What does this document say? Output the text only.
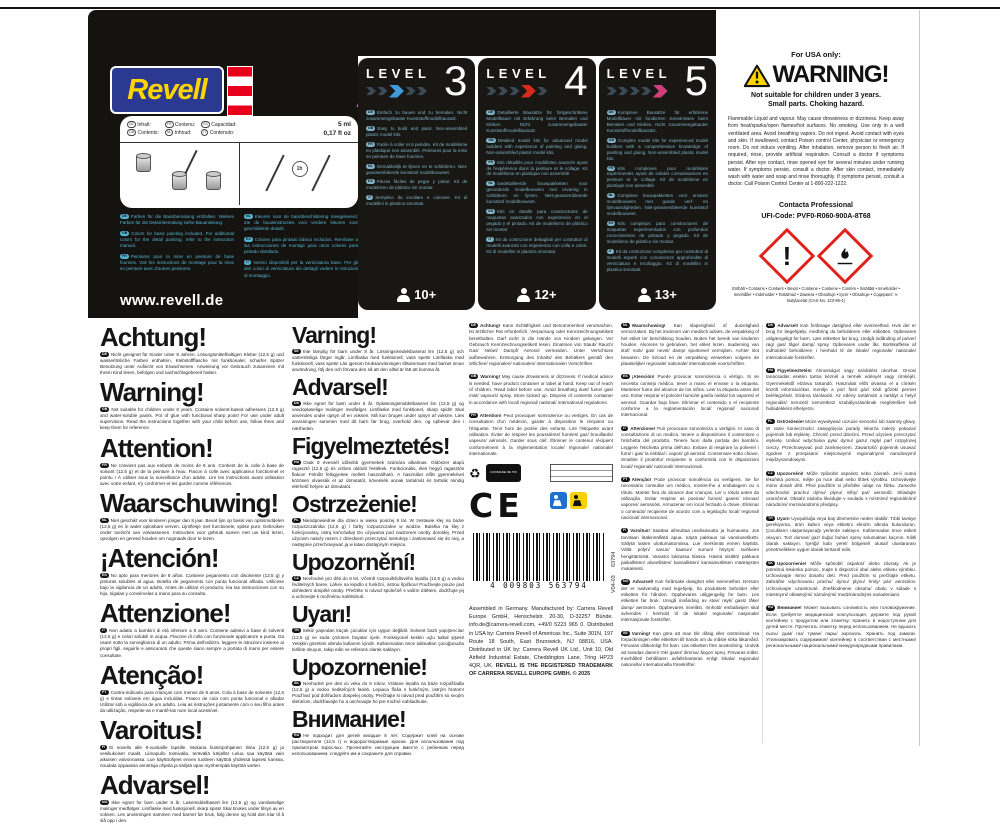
Revell
DE Inhalt:
GB Contents:
FR Contenu:
NL Inhoud:
ES Capacidad:
IT Contenuto:
5 ml
0,17 fl oz
1h

DE Farben für die Basisbemalung enthalten. Weitere Farben für die Detail-Bemalung siehe Bauanleitung.

GB Colors for basic painting included. For additional colors for the detail painting, refer to the instruction manual.

FR Peintures pour la mise en peinture de base fournies. Voir les instructions de montage pour la mise en peinture avec d'autres peintures.

NL Kleuren voor de basisbeschildering meegeleverd. Zie de bouwinstructies voor verdere kleuren voor geschilderde details.

ES Colores para pintado básico incluidos. Remítase a las instrucciones de montaje para otros colores para pintado detallado.

IT Vernici disponibili per la verniciatura base. Per gli altri colori di verniciatura dei dettagli vedere le istruzioni di montaggio.

www.revell.de
LEVEL 3

DE Einfach zu bauen und zu bemalen. Nicht zusammengebauter Kunststoffmodellbausatz.

GB Easy to build and paint. Non-assembled plastic model kits.

FR Facile à coller et à peindre. Kit de modélisme en plastique non assemblé. Peintures pour la mise en peinture de base fournies.

NL Gemakkelijk te lijmen en te schilderen. Niet-geassembleerde kunststof modelbouwset.

ES Piezas fáciles de pegar y pintar. Kit de modelismo de plástico sin montar.

IT Semplice da incollare e colorare. Kit di modellini in plastica smontati.

10+
LEVEL 4

DE Detaillierte Bausätze für fortgeschrittene Modellbauer mit Erfahrung beim Bemalen und Kleben. Nicht zusammengebauter Kunststoffmodellbausatz.

GB Detailed model kits for advanced model builders with experience of painting and gluing. Non-assembled plastic model kits.

FR Kits détaillés pour modélistes avancés ayant de l'expérience dans la peinture et le collage. Kit de modélisme en plastique non assemblé.

NL Gedetailleerde bouwpakketten voor gevorderde modelbouwers met ervaring in schilderen en lijmen. Niet-geassembleerde kunststof modelbouwset.

ES Kits en detalle para constructores de maquetas avanzados con experiencia en el pegado y el pintado. Kit de modelismo de plástico sin montar.

IT Kit da costruzione dettagliati per costruttori di modelli avanzati con esperienza con colla e colori. Kit di modellini in plastica smontati.

12+
LEVEL 5

DE Komplexe Bausätze für erfahrene Modellbauer mit fundierten Kenntnissen beim Bemalen und Kleben. Nicht zusammengebauter Kunststoffmodellbausatz.

GB Complex model kits for experienced model builders with a comprehensive knowledge of painting and gluing. Non-assembled plastic model kits.

FR Kits complexes pour modélistes expérimentés ayant de solides connaissances en peinture et le collage. Kit de modélisme en plastique non assemblé.

NL Complexe bouwpakketten voor ervaren modelbouwers met goede verf- en lijmvaardigheden. Niet-geassembleerde kunststof modelbouwset.

ES Kits complejos para constructores de maquetas experimentados con profundos conocimientos de pintado y pegado. Kit de modelismo de plástico sin montar.

IT Kit da costruzione complesso per costruttori di modelli esperti con conoscenze approfondite di verniciatura e incollaggio. Kit di modellini in plastica smontati.

13+
For USA only:
WARNING!
Not suitable for children under 3 years.
Small parts. Choking hazard.
Flammable Liquid and vapour. May cause drowsiness or dizziness. Keep away from heat/sparks/open flames/hot surfaces. No smoking. Use only in a well ventilated area. Avoid breathing vapors. Do not ingest. Avoid contact with eyes and skin. If swallowed, contact Poison control Center, physician or emergency room. Do not induce vomiting. After inhalation, remove person to fresh air. If required, rinse, provide artificial respiration. Consult a doctor if symptoms persist. After eye contact, rinse opened eye for several minutes under running water. If symptoms persist, consult a doctor. After skin contact, immediately wash with water and soap and rinse thoroughly. If symptoms persist, consult a doctor. Call Poison Control Center at 1-800-222-1222.
Contacta Professional
UFI-Code: PVF0-R060-900A-8T68
!
Enthält • Contains • Contient • Bevat • Contiene • Contiene • Contém • Sisältää • Inneholder • Innehåller • Indeholder • Tartalmaz • Zawiera • Obsahuje • İçerir • Obsahuje • Содержит: n-Butylacetat (CAS-No. 123-86-4)
Achtung!

DE Nicht geeignet für Kinder unter 8 Jahren. Lösungsmittelhaltigen Kleber (12,5 g) und wasserlösliche Farben enthalten. Klebstoffflasche mit funktionaler, scharfer Spitze! Benutzung unter Aufsicht von Erwachsenen. Anweisung vor Gebrauch zusammen mit Ihrem Kind lesen, befolgen und nachschlagebereit halten.

Warning!

GB Not suitable for children under 8 years. Contains solvent-based adhesives (12,5 g) and water-soluble paints. Pot of glue with functional sharp point! For use under adult supervision. Read the instructions together with your child before use, follow them and keep them for reference.

Attention!

FR Ne convient pas aux enfants de moins de 8 ans. Contient de la colle à base de solvant (12,5 g) et de la peinture à l'eau. Flacon à colle avec applicateur fonctionnel et pointu ! À utiliser sous la surveillance d'un adulte. Lire les instructions avant utilisation avec votre enfant, s'y conformer et les garder comme références.

Waarschuwing!

NL Niet geschikt voor kinderen jonger dan 8 jaar. Bevat lijm op basis van oplosmiddelen (12,5 g) en in water oplosbare verven. Lijmflesje met functionele, spitse punt. Gebruiken onder toezicht van volwassenen. Instructies voor gebruik samen met uw kind lezen, opvolgen en gereed houden om nogmaals door te lezen.

¡Atención!

ES No apto para menores de 8 años. Contiene pegamento con disolvente (12,5 g) y pinturas solubles al agua. Botella de pegamento con punta funcional afilada. Utilícese bajo la vigilancia de un adulto. Antes de utilizar el producto, lea las instrucciones con su hijo, sígalas y consérvelas a mano para su consulta.

Attenzione!

IT Non adatto a bambini di età inferiore a 8 anni. Contiene adesivi a base di solventi (12,5 g) e colori solubili in acqua. Flacone di colla con funzionale applicatore a punta. Da usare sotto la sorveglianza di un adulto. Prima dell'utilizzo, leggere le istruzioni insieme ai propri figli, seguirle e assicurarsi che queste siano sempre a portata di mano per essere consultate.

Atenção!

PT Contra-indicado para crianças com menos de 8 anos. Cola à base de solvente (12,5 g) e tintas solúveis em água incluídas. Frasco de cola com ponta funcional e afiada! Utilizar sob a vigilância de um adulto. Leia as instruções juntamente com o seu filho antes da utilização, respeite-as e mantê-las num local acessível.

Varoitus!

FI Ei sovellu alle 8-vuotiaille lapsille. Mukana liuotinpohjainen liima (12,5 g) ja vesiliukoiset maalit. Liimapullo toimivalla, terävällä kärjellä! Lelua saa käyttää vain aikuisen valvonnassa. Lue käyttöohjeet ennen tuotteen käyttöä yhdessä lapsesi kanssa, noudata oppaassa annettuja ohjeita ja säilytä opas myöhempää käyttöä varten.

Advarsel!

NO Ikke egnet for barn under 8 år. Løsemiddelbasert lim (12,5 g) og vannløselige malinger medfølger. Limflaske med funksjonell, skarp spiss! Skal brukes under tilsyn av en voksen. Les anvisningen sammen med barnet før bruk, følg denne og hold den klar til å slå opp i den.

Varning!

SE Inte lämplig för barn under 8 år. Lösningsmedelsbaserat lim (12,5 g) och vattenlösliga färger ingår. Limflaska med funktionell, vass spets! Limflaska med funktionell, vass spets! Läs igenom bruksanvisningen tillsammans med barnet innan användning, följ den och förvara den så att den alltid är lätt att komma åt.

Advarsel!

DK Ikke egnet for børn under 8 år. Opløsningsmiddelbaseret lim (12,5 g) og vandopløselige malinger medfølger. Limflaske med funktionel, skarp spids! Skal anvendes under opsyn af en voksen. Må kun bruges under opsyn af voksne. Læs anvisningen sammen med dit barn før brug, overhold den, og opbevar den i nærheden.

Figyelmeztetés!

HU Csak 8 évesnél idősebb gyermekek számára alkalmas. Oldószer alapú ragasztó (12,5 g) és vízben oldódó festékek. Funkcionális, éles hegyű ragasztós flakon! Felnőtt felügyelete mellett használható. A használat előtt gyermekével közösen olvassák el az útmutatót, kövessék annak tartalmát és tartsák mindig elérhető helyen az útmutatót.

Ostrzeżenie!

PL Nieodpowiednie dla dzieci w wieku poniżej 8 lat. W zestawie klej na bazie rozpuszczalnika (12,5 g) i farby rozpuszczalne w wodzie. Butelka na klej z funkcjonalną, ostrą końcówką! Do używania pod nadzorem osoby dorosłej. Przed użyciem należy razem z dzieckiem przeczytać instrukcję i zastosować się do niej, a następnie przechowywać ją w łatwo dostępnym miejscu.

Upozornění!

CZ Nevhodné pro děti do 8 let. Včetně rozpouštědlového lepidla (12,5 g) a vodou ředitelných barev. Láhev na lepidlo s funkční, ostrou špičkou! Používejte pouze pod dohledem dospělé osoby. Přečtěte si návod společně s vaším dítětem, dodržujte jej a uchovejte k možnému nahlédnutí.

Uyarı!

TR Sekiz yaşından küçük çocuklar için uygun değildir. Solvent bazlı yapıştırıcılar (12,5 g) ve suda çözünen boyalar içerir. Fonksiyonel keskin uçlu tutkal şişesi! Yetişkin gözetimi altında kullanım içindir. Kullanmadan önce talimatları çocuğunuzla birlikte okuyun, takip edin ve referans olarak saklayın.

Upozornenie!

SK Nevhodné pre deti vo veku do 8 rokov. Vrátane lepidla na báze rozpúšťadla (12,5 g) a vodou riediteľných farieb. Lepiaca fľaša s funkčným, ostrým hrotom! Používať pod dohľadom dospelej osoby. Prečítajte si návod pred použitím so svojím dieťaťom, dodržiavajte ho a uschovajte ho pre možné nahliadnutie.

Внимание!

RU Не подходит для детей младше 8 лет. Содержит клей на основе растворителя (12,5 г) и водорастворимые краски. Для использования под присмотром взрослых. Прочитайте инструкции вместе с ребенком перед использованием, следуйте им и сохраните для справки.

DE Achtung! Kann Schläfrigkeit und Benommenheit verursachen. Ist ärztlicher Rat erforderlich, Verpackung oder Kennzeichnungsetikett bereithalten. Darf nicht in die Hände von Kindern gelangen. Vor Gebrauch Kennzeichnungsetikett lesen. Einatmen von Staub/ Rauch/ Gas/ Nebel/ Dampf/ Aerosol vermeiden. Unter Verschluss aufbewahren. Entsorgung des Inhalts/ des Behälters gemäß den örtlichen/ regionalen/ nationalen/ internationalen Vorschriften.

GB Warning! May cause drowsiness or dizziness. If medical advice is needed, have product container or label at hand. Keep out of reach of children. Read label before use. Avoid breathing dust/ fume/ gas/ mist/ vapours/ spray. Store locked up. Dispose of contents/ container in accordance with local/ regional/ national/ international regulations.

FR Attention! Peut provoquer somnolence ou vertiges. En cas de consultation d'un médecin, garder à disposition le récipient ou l'étiquette. Tenir hors de portée des enfants. Lire l'étiquette avant utilisation. Éviter de respirer les poussières/ fumées/ gaz/ brouillards/ vapeurs/ aérosols. Garder sous clef. Éliminer le contenu/ récipient conformément à la réglementation locale/ régionale/ nationale/ internationale.

♻	CONSIGNE DE TRI
CE
4 009803 563794
63794
V04-03
Assembled in Germany. Manufactured by: Carrera Revell Europe GmbH, Henschelstr. 20-30, D-32257 Bünde. info.de@carrera-revell.com, +49/0 5223 965 0. Distributed in USA by: Carrera Revell of Americas Inc., Suite 301N, 197 Route 18 South, East Brunswick, NJ 08816, USA. Distributed in UK by: Carrera Revell UK Ltd., Unit 10, Old Airfield Industrial Estate, Cheddington Lane, Tring HP23 4QR, UK. REVELL IS THE REGISTERED TRADEMARK OF CARRERA REVELL EUROPE GMBH. © 2025

NL Waarschuwing! Kan slaperigheid of duizeligheid veroorzaken. Bij het inwinnen van medisch advies, de verpakking of het etiket ter beschikking houden. Buiten het bereik van kinderen houden. Alvorens te gebruiken, het etiket lezen. Inademing van stof/ rook/ gas/ nevel/ damp/ spuitnevel vermijden. Achter slot bewaren. De inhoud en de verpakking verwerken volgens de plaatselijke/ regionale/ nationale/ internationale voorschriften.

ES ¡Atención! Puede provocar somnolencia o vértigo. Si se necesita consejo médico, tener a mano el envase o la etiqueta. Mantener fuera del alcance de los niños. Leer la etiqueta antes del uso. Evitar respirar el polvo/el humo/el gas/la niebla/ los vapores/ el aerosol. Guardar bajo llave. Eliminar el contenido o el recipiente conforme a la reglamentación local/ regional/ nacional/ internacional.

IT Attenzione! Può provocare sonnolenza o vertigini. In caso di consultazione di un medico, tenere a disposizione il contenitore o l'etichetta del prodotto. Tenere fuori dalla portata dei bambini. Leggere l'etichetta prima dell'uso. Evitare di respirare la polvere/ i fumi/ i gas/ la nebbia/ i vapori/ gli aerosol. Conservare sotto chiave. Smaltire il prodotto/ recipiente in conformità con le disposizioni locali/ regionali/ nazionali/ internazionali.

PT Atenção! Pode provocar sonolência ou vertigens. Se for necessário consultar um médico, mostre-lhe a embalagem ou o rótulo. Manter fora do alcance das crianças. Ler o rótulo antes da utilização. Evitar respirar as poeiras/ fumos/ gases/ névoas/ vapores/ aerossóis. Armazenar em local fechado à chave. Eliminar o conteúdo/ recipiente de acordo com a legislação local/ regional/ nacional/ internacional.

FI Varoitus! Saattaa aiheuttaa uneliaisuutta ja huimausta. Jos tarvitaan lääkinnällistä apua, näytä pakkaus tai varoitusetiketti. Säilytä lasten ulottumattomissa. Lue merkinnät ennen käyttöä. Vältä pölyn/ savun/ kaasun/ sumun/ höyryn/ suihkeen hengittämistä. Varastoi lukitussa tilassa. Hävitä sisältö/ pakkaus paikallisten/ alueellisten/ kansallisten/ kansainvälisten määräysten mukaisesti.

NO Advarsel! Kan forårsake døsighet eller svimmelhet. Dersom det er nødvendig med legehjelp, ha produktets beholder eller etiketten for hånden. Oppbevares utilgjengelig for barn. Les etiketten før bruk. Unngå innånding av støv/ røyk/ gass/ tåke/ damp/ aerosoler. Oppbevares innelåst. Innhold/ emballasjen skal avhendes i henhold til de lokale/ regionale/ nasjonale/ internasjonale forskrifter.

SE Varning! Kan göra att man blir dåsig eller omtöcknad. Ha förpackningen eller etiketten till hands om du måste söka läkarvård. Förvaras oåtkomligt för barn. Läs etiketten före användning. Undvik att inandas damm/ rök/ gaser/ dimma/ ångor/ sprej. Förvaras inlåst. Innehållet/ behållaren avfallshanteras enligt lokala/ regionala/ nationella/ internationella föreskrifter.

DK Advarsel! Kan forårsage døsighed eller svimmelhed. Hvis der er brug for lægehjælp, medbring da beholderen eller etiketten. Opbevares utilgængeligt for børn. Læs etiketten før brug. Undgå indånding af pulver/ røg/ gas/ tåge/ damp/ spray. Opbevares under lås. Bortskaffelse af indholdet/ beholderen i henhold til de lokale/ regionale/ nationale/ internationale forskrifter.

HU Figyelmeztetés! Álmosságot vagy szédülést okozhat. Orvosi tanácsadás esetén tartsa kéznél a termék edényét vagy címkéjét. Gyermekektől elzárva tartandó. Használat előtt olvassa el a címkén közölt információkat. Kerülje a por/ füst/ gáz/ köd/ gőzök/ permet belélegzését. Elzárva tárolandó. Az edény tartalmát/ a tartályt a helyi/ regionális/ nemzeti/ nemzetközi szabályozásoknak megfelelően kell hulladékként elhelyezni.

PL Ostrzeżenie! Może wywoływać uczucie senności lub zawroty głowy. W razie konieczności zasięgnięcia porady lekarza należy pokazać pojemnik lub etykietę. Chronić przed dziećmi. Przed użyciem przeczytać etykietę. Unikać wdychania pyłu/ dymu/ gazu/ mgły/ par/ rozpylonej cieczy. Przechowywać pod zamknięciem. Zawartość/ pojemnik usuwać zgodnie z przepisami miejscowymi/ regionalnymi/ narodowymi/ międzynarodowymi.

CZ Upozornění! Může způsobit ospalost nebo závratě. Je-li nutná lékařská pomoc, mějte po ruce obal nebo štítek výrobku. Uchovávejte mimo dosah dětí. Před použitím si přečtěte údaje na štítku. Zamezte vdechování prachu/ dýmu/ plynu/ mlhy/ par/ aerosolů. Skladujte uzamčené. Obsah/ nádobu likvidujte v souladu s místními/ regionálními/ národními/ mezinárodními předpisy.

TR Uyarı! Uyuşukluğa veya baş dönmesine neden olabilir. Tıbbi tavsiye gerekiyorsa, ürün kabını veya etiketini elinizin altında bulundurun. Çocukların ulaşamayacağı yerlerde saklayın. Kullanmadan önce etiketi okuyun. Toz/ duman/ gaz/ buğu/ buhar/ sprey solumaktan kaçının. Kilitli olarak saklayın. İçeriği/ kabı yerel/ bölgesel/ ulusal/ uluslararası yönetmeliklere uygun olarak bertaraf edin.

SK Upozornenie! Môže spôsobiť ospalosť alebo závraty. Ak je potrebná lekárska pomoc, majte k dispozícii obal alebo etiketu výrobku. Uchovávajte mimo dosahu detí. Pred použitím si prečítajte etiketu. Zabráňte vdychovaniu prachu/ dymu/ plynu/ hmly/ pár/ aerosólov. Uchovávajte uzamknuté. Zneškodnenie obsahu/ obalu v súlade s miestnymi/ oblastnými/ národnými/ medzinárodnými nariadeniami.

RU Внимание! Может вызывать сонливость или головокружение. Если требуется медицинская консультация, держите под рукой контейнер с продуктом или этикетку. Хранить в недоступном для детей месте. Прочитать этикетку перед использованием. Не вдыхать пыль/ дым/ газ/ туман/ пары/ аэрозоль. Хранить под замком. Утилизировать содержимое/ контейнер в соответствии с местными/ региональными/ национальными/ международными правилами.
